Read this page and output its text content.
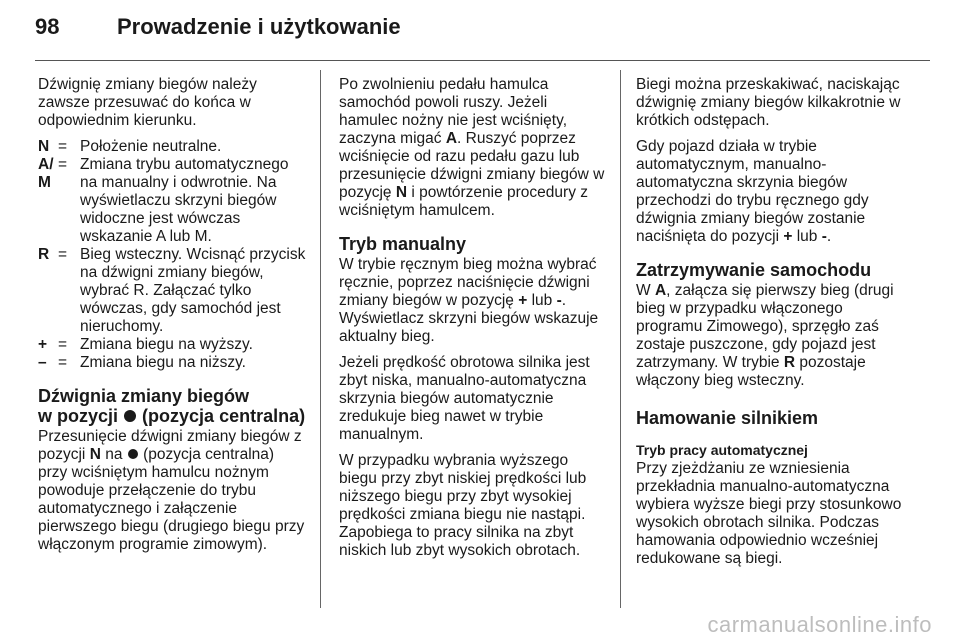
98	Prowadzenie i użytkowanie

Dźwignię zmiany biegów należy zawsze przesuwać do końca w odpowiednim kierunku.

N = Położenie neutralne.
A/M
= Zmiana trybu automatycznego na manualny i odwrotnie. Na wyświetlaczu skrzyni biegów widoczne jest wówczas wskazanie A lub M.
R = Bieg wsteczny. Wcisnąć przycisk na dźwigni zmiany biegów, wybrać R. Załączać tylko wówczas, gdy samochód jest nieruchomy.
+ = Zmiana biegu na wyższy.
– = Zmiana biegu na niższy.
Dźwignia zmiany biegów
w pozycji (pozycja centralna)

Przesunięcie dźwigni zmiany biegów z pozycji N na (pozycja centralna) przy wciśniętym hamulcu nożnym powoduje przełączenie do trybu automatycznego i załączenie pierwszego biegu (drugiego biegu przy włączonym programie zimowym).

Po zwolnieniu pedału hamulca samochód powoli ruszy. Jeżeli hamulec nożny nie jest wciśnięty, zaczyna migać A. Ruszyć poprzez wciśnięcie od razu pedału gazu lub przesunięcie dźwigni zmiany biegów w pozycję N i powtórzenie procedury z wciśniętym hamulcem.

Tryb manualny

W trybie ręcznym bieg można wybrać ręcznie, poprzez naciśnięcie dźwigni zmiany biegów w pozycję + lub -. Wyświetlacz skrzyni biegów wskazuje aktualny bieg.

Jeżeli prędkość obrotowa silnika jest zbyt niska, manualno-automatyczna skrzynia biegów automatycznie zredukuje bieg nawet w trybie manualnym.

W przypadku wybrania wyższego biegu przy zbyt niskiej prędkości lub niższego biegu przy zbyt wysokiej prędkości zmiana biegu nie nastąpi. Zapobiega to pracy silnika na zbyt niskich lub zbyt wysokich obrotach.

Biegi można przeskakiwać, naciskając dźwignię zmiany biegów kilkakrotnie w krótkich odstępach.

Gdy pojazd działa w trybie automatycznym, manualno-automatyczna skrzynia biegów przechodzi do trybu ręcznego gdy dźwignia zmiany biegów zostanie naciśnięta do pozycji + lub -.

Zatrzymywanie samochodu

W A, załącza się pierwszy bieg (drugi bieg w przypadku włączonego programu Zimowego), sprzęgło zaś zostaje puszczone, gdy pojazd jest zatrzymany. W trybie R pozostaje włączony bieg wsteczny.

Hamowanie silnikiem
Tryb pracy automatycznej

Przy zjeżdżaniu ze wzniesienia przekładnia manualno-automatyczna wybiera wyższe biegi przy stosunkowo wysokich obrotach silnika. Podczas hamowania odpowiednio wcześniej redukowane są biegi.

carmanualsonline.info
